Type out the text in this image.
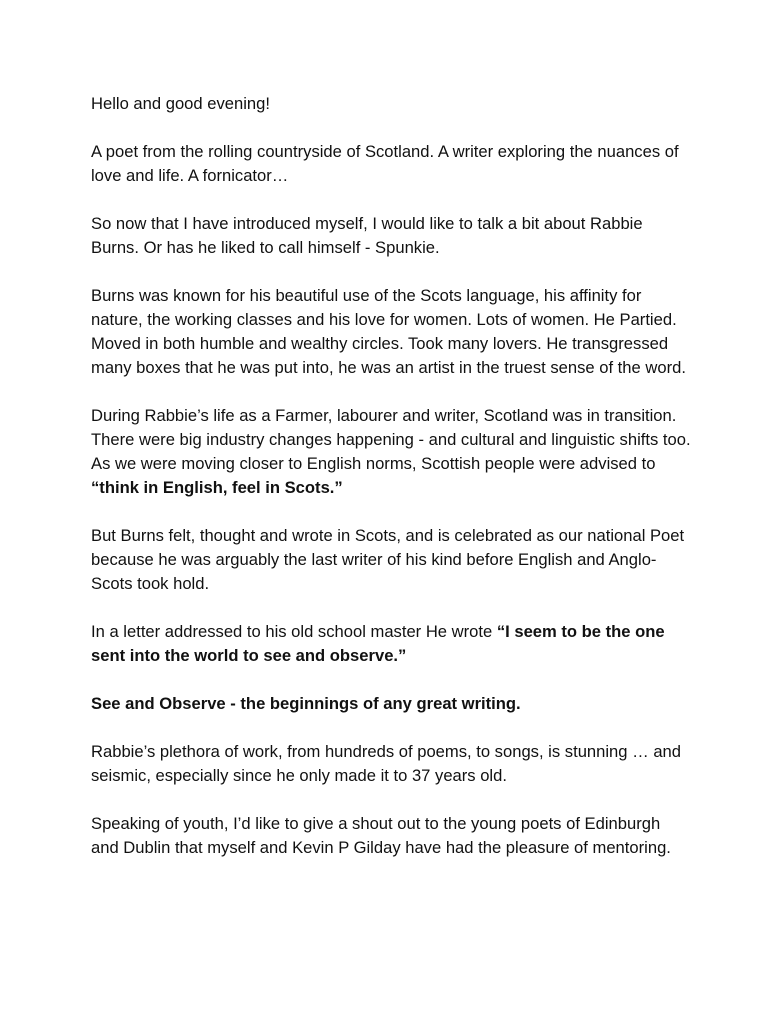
Hello and good evening!

A poet from the rolling countryside of Scotland. A writer exploring the nuances of love and life. A fornicator…

So now that I have introduced myself, I would like to talk a bit about Rabbie Burns. Or has he liked to call himself - Spunkie.

Burns was known for his beautiful use of the Scots language, his affinity for nature, the working classes and his love for women. Lots of women. He Partied. Moved in both humble and wealthy circles. Took many lovers. He transgressed many boxes that he was put into, he was an artist in the truest sense of the word.

During Rabbie’s life as a Farmer, labourer and writer, Scotland was in transition. There were big industry changes happening - and cultural and linguistic shifts too. As we were moving closer to English norms, Scottish people were advised to “think in English, feel in Scots.”

But Burns felt, thought and wrote in Scots, and is celebrated as our national Poet because he was arguably the last writer of his kind before English and Anglo-Scots took hold.

In a letter addressed to his old school master He wrote “I seem to be the one sent into the world to see and observe.”

See and Observe - the beginnings of any great writing.

Rabbie’s plethora of work, from hundreds of poems, to songs, is stunning … and seismic, especially since he only made it to 37 years old.

Speaking of youth, I’d like to give a shout out to the young poets of Edinburgh and Dublin that myself and Kevin P Gilday have had the pleasure of mentoring.
